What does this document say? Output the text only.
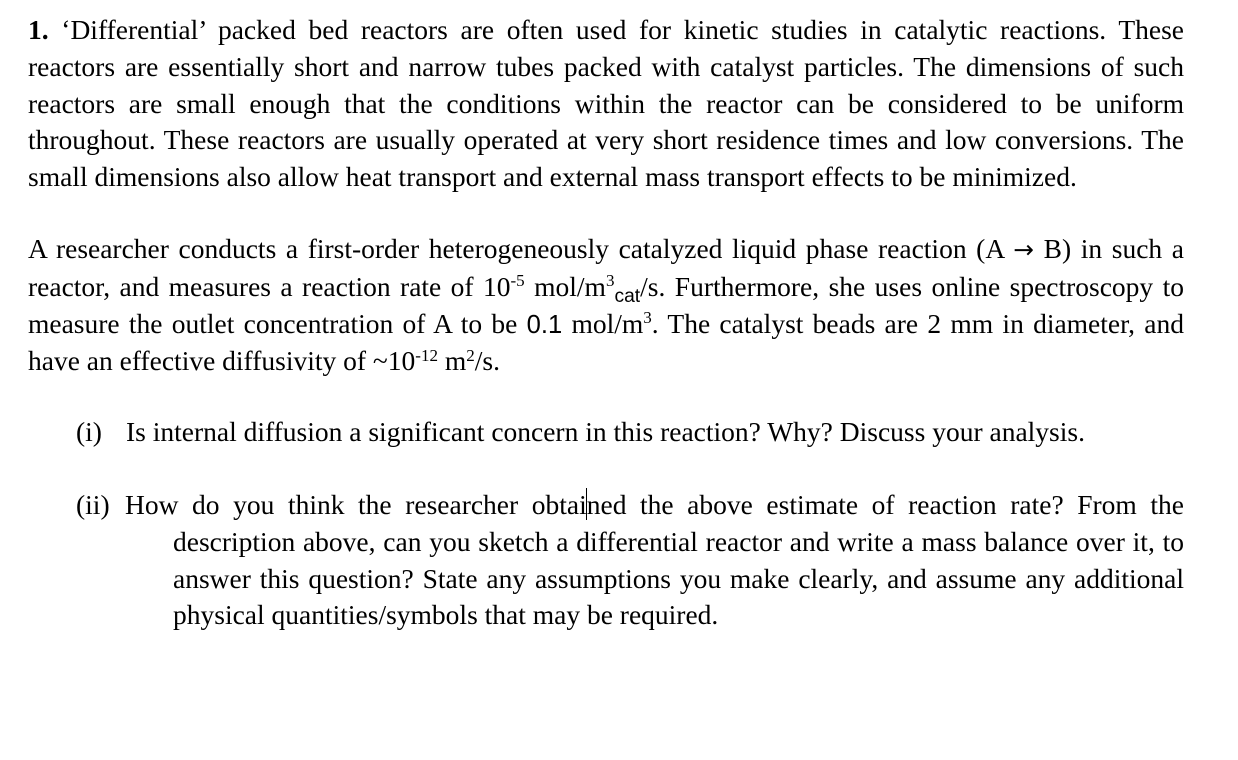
1. ‘Differential’ packed bed reactors are often used for kinetic studies in catalytic reactions. These reactors are essentially short and narrow tubes packed with catalyst particles. The dimensions of such reactors are small enough that the conditions within the reactor can be considered to be uniform throughout. These reactors are usually operated at very short residence times and low conversions. The small dimensions also allow heat transport and external mass transport effects to be minimized.

A researcher conducts a first-order heterogeneously catalyzed liquid phase reaction (A → B) in such a reactor, and measures a reaction rate of $10^{-5}$ mol/$m^3_{cat}/s$. Furthermore, she uses online spectroscopy to measure the outlet concentration of A to be 0.1 mol/$m^3$. The catalyst beads are 2 mm in diameter, and have an effective diffusivity of $\sim 10^{-12}$ $m^2/s$.

(i) Is internal diffusion a significant concern in this reaction? Why? Discuss your analysis.

(ii) How do you think the researcher obtained the above estimate of reaction rate? From the description above, can you sketch a differential reactor and write a mass balance over it, to answer this question? State any assumptions you make clearly, and assume any additional physical quantities/symbols that may be required.
